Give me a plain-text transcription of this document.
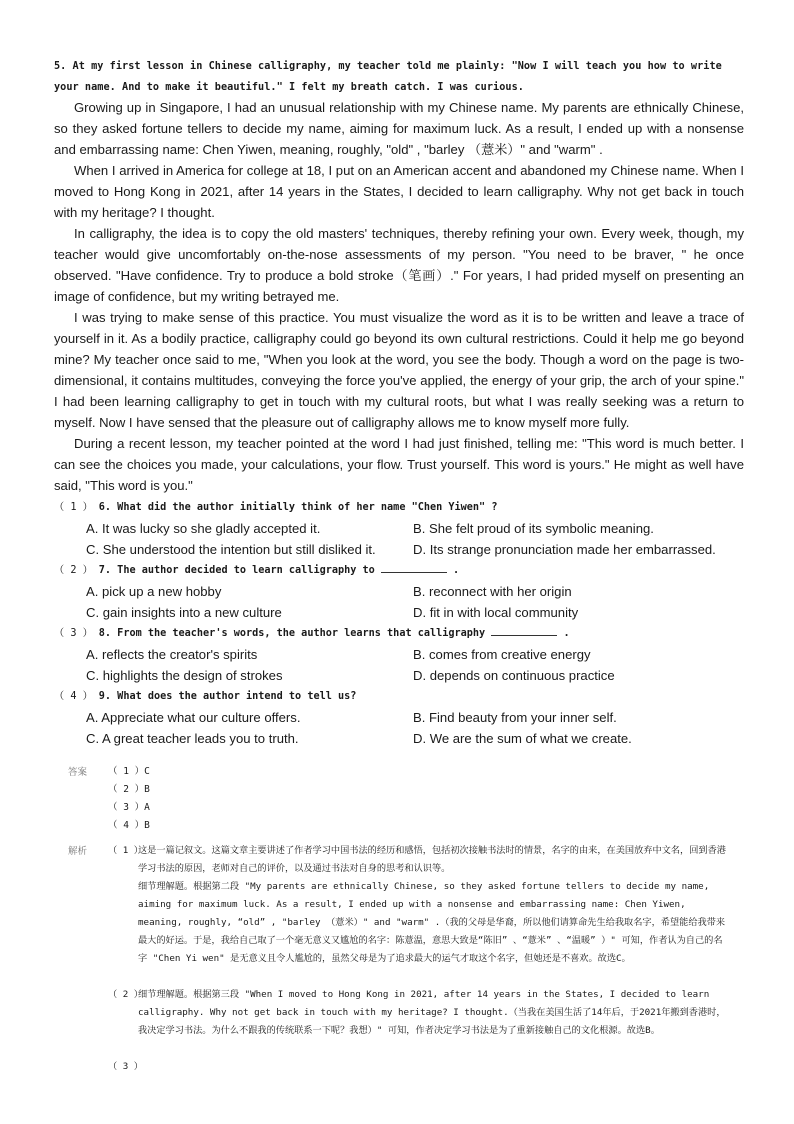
5. At my first lesson in Chinese calligraphy, my teacher told me plainly: "Now I will teach you how to write
your name. And to make it beautiful." I felt my breath catch. I was curious.

Growing up in Singapore, I had an unusual relationship with my Chinese name. My parents are ethnically Chinese, so they asked fortune tellers to decide my name, aiming for maximum luck. As a result, I ended up with a nonsense and embarrassing name: Chen Yiwen, meaning, roughly, "old" , "barley （薏米）" and "warm" .

When I arrived in America for college at 18, I put on an American accent and abandoned my Chinese name. When I moved to Hong Kong in 2021, after 14 years in the States, I decided to learn calligraphy. Why not get back in touch with my heritage? I thought.

In calligraphy, the idea is to copy the old masters' techniques, thereby refining your own. Every week, though, my teacher would give uncomfortably on-the-nose assessments of my person. "You need to be braver, " he once observed. "Have confidence. Try to produce a bold stroke（笔画）." For years, I had prided myself on presenting an image of confidence, but my writing betrayed me.

I was trying to make sense of this practice. You must visualize the word as it is to be written and leave a trace of yourself in it. As a bodily practice, calligraphy could go beyond its own cultural restrictions. Could it help me go beyond mine? My teacher once said to me, "When you look at the word, you see the body. Though a word on the page is two-dimensional, it contains multitudes, conveying the force you've applied, the energy of your grip, the arch of your spine." I had been learning calligraphy to get in touch with my cultural roots, but what I was really seeking was a return to myself. Now I have sensed that the pleasure out of calligraphy allows me to know myself more fully.

During a recent lesson, my teacher pointed at the word I had just finished, telling me: "This word is much better. I can see the choices you made, your calculations, your flow. Trust yourself. This word is yours." He might as well have said, "This word is you."

（ 1 ） 6. What did the author initially think of her name "Chen Yiwen" ?
A. It was lucky so she gladly accepted it.	B. She felt proud of its symbolic meaning.
C. She understood the intention but still disliked it.	D. Its strange pronunciation made her embarrassed.
（ 2 ） 7. The author decided to learn calligraphy to	.
A. pick up a new hobby	B. reconnect with her origin
C. gain insights into a new culture	D. fit in with local community
（ 3 ） 8. From the teacher's words, the author learns that calligraphy	.
A. reflects the creator's spirits	B. comes from creative energy
C. highlights the design of strokes	D. depends on continuous practice
（ 4 ） 9. What does the author intend to tell us?
A. Appreciate what our culture offers.	B. Find beauty from your inner self.
C. A great teacher leads you to truth.	D. We are the sum of what we create.
答案 （ 1 ）C
（ 2 ）B
（ 3 ）A
（ 4 ）B
解析 （ 1 ）
这是一篇记叙文。这篇文章主要讲述了作者学习中国书法的经历和感悟，包括初次接触书法时的情景，名字的由来，在美国放弃中文名，回到香港学习书法的原因，老师对自己的评价，以及通过书法对自身的思考和认识等。
细节理解题。根据第二段 "My parents are ethnically Chinese, so they asked fortune tellers to decide my name, aiming for maximum luck. As a result, I ended up with a nonsense and embarrassing name: Chen Yiwen, meaning, roughly, “old” , "barley （薏米）" and "warm" .（我的父母是华裔，所以他们请算命先生给我取名字，希望能给我带来最大的好运。于是，我给自己取了一个毫无意义又尴尬的名字：陈薏温，意思大致是“陈旧” 、“薏米” 、“温暖” ）" 可知，作者认为自己的名字 "Chen Yi wen" 是无意义且令人尴尬的，虽然父母是为了追求最大的运气才取这个名字，但她还是不喜欢。故选C。
（ 2 ）
细节理解题。根据第三段 "When I moved to Hong Kong in 2021, after 14 years in the States, I decided to learn calligraphy. Why not get back in touch with my heritage? I thought.（当我在美国生活了14年后，于2021年搬到香港时，我决定学习书法。为什么不跟我的传统联系一下呢？我想）" 可知，作者决定学习书法是为了重新接触自己的文化根源。故选B。
（ 3 ）
